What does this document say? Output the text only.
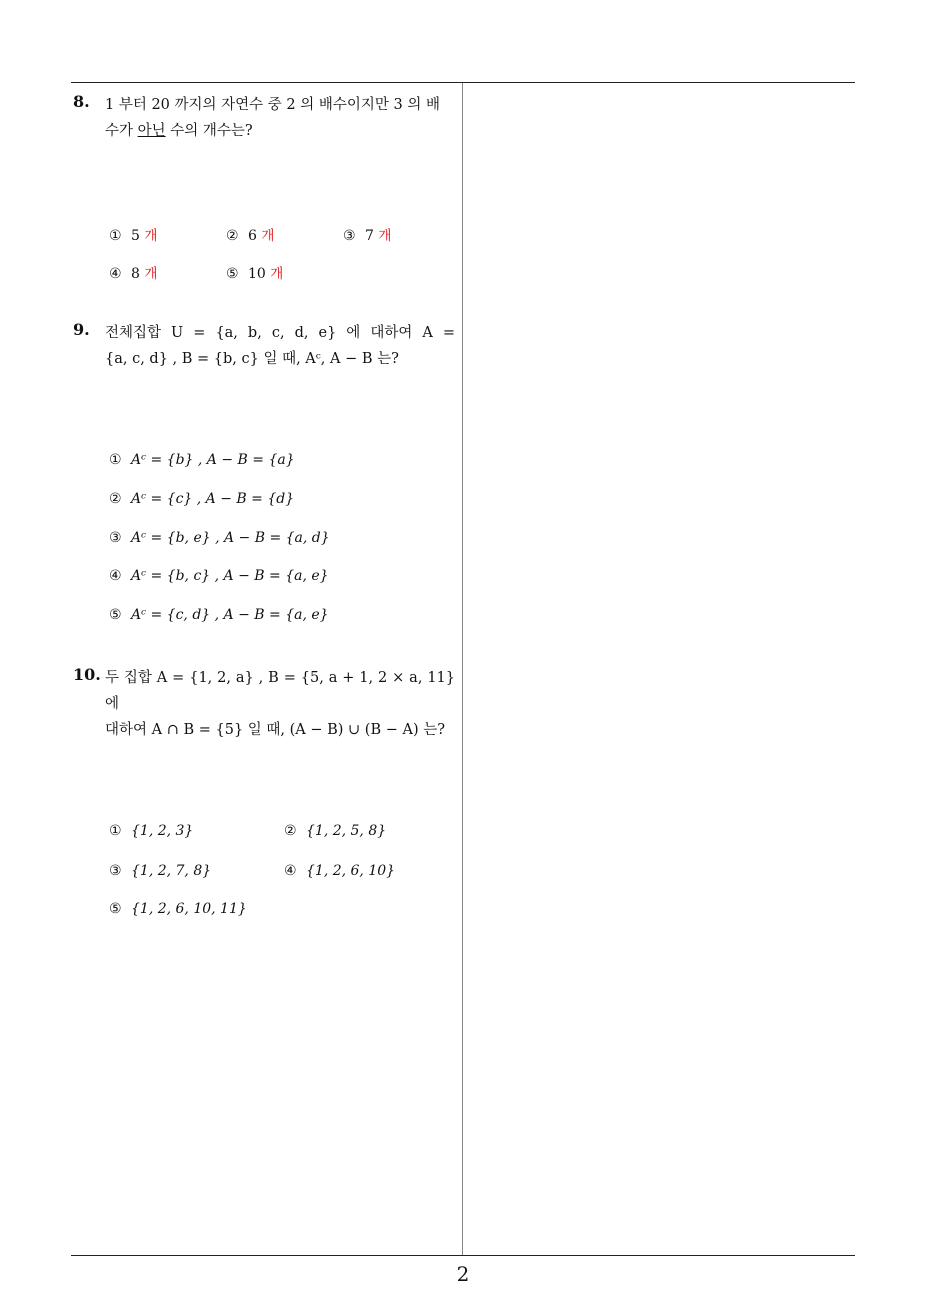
8. 1 부터 20 까지의 자연수 중 2 의 배수이지만 3 의 배
수가 아닌 수의 개수는?
① 5 개	② 6 개	③ 7 개
④ 8 개	⑤ 10 개
9. 전체집합 U = {a, b, c, d, e} 에 대하여 A =
{a, c, d} , B = {b, c} 일 때, Aᶜ, A − B 는?
① Aᶜ = {b} , A − B = {a}
② Aᶜ = {c} , A − B = {d}
③ Aᶜ = {b, e} , A − B = {a, d}
④ Aᶜ = {b, c} , A − B = {a, e}
⑤ Aᶜ = {c, d} , A − B = {a, e}
10. 두 집합 A = {1, 2, a} , B = {5, a + 1, 2 × a, 11} 에
대하여 A ∩ B = {5} 일 때, (A − B) ∪ (B − A) 는?
① {1, 2, 3}	② {1, 2, 5, 8}
③ {1, 2, 7, 8}	④ {1, 2, 6, 10}
⑤ {1, 2, 6, 10, 11}
2
